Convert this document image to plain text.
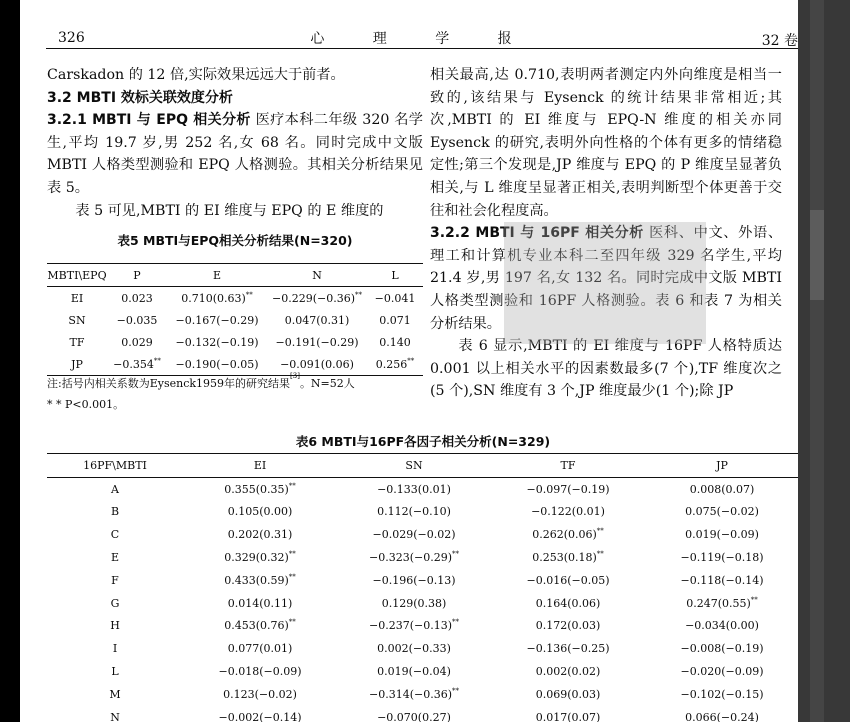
326	心 理 学 报	32 卷

Carskadon 的 12 倍,实际效果远远大于前者。

3.2 MBTI 效标关联效度分析

3.2.1 MBTI 与 EPQ 相关分析 医疗本科二年级 320 名学生,平均 19.7 岁,男 252 名,女 68 名。同时完成中文版 MBTI 人格类型测验和 EPQ 人格测验。其相关分析结果见表 5。

表 5 可见,MBTI 的 EI 维度与 EPQ 的 E 维度的

表5 MBTI与EPQ相关分析结果(N=320)

MBTI\EPQ	P	E	N	L
EI	0.023	0.710(0.63)**	−0.229(−0.36)**	−0.041
SN	−0.035	−0.167(−0.29)	0.047(0.31)	0.071
TF	0.029	−0.132(−0.19)	−0.191(−0.29)	0.140
JP	−0.354**	−0.190(−0.05)	−0.091(0.06)	0.256**
注:括号内相关系数为Eysenck1959年的研究结果[3]。N=52人
* * P<0.001。

相关最高,达 0.710,表明两者测定内外向维度是相当一致的,该结果与 Eysenck 的统计结果非常相近;其次,MBTI 的 EI 维度与 EPQ-N 维度的相关亦同 Eysenck 的研究,表明外向性格的个体有更多的情绪稳定性;第三个发现是,JP 维度与 EPQ 的 P 维度呈显著负相关,与 L 维度呈显著正相关,表明判断型个体更善于交往和社会化程度高。

3.2.2 MBTI 与 16PF 相关分析 医科、中文、外语、理工和计算机专业本科二至四年级 329 名学生,平均 21.4 岁,男 197 名,女 132 名。同时完成中文版 MBTI 人格类型测验和 16PF 人格测验。表 6 和表 7 为相关分析结果。

表 6 显示,MBTI 的 EI 维度与 16PF 人格特质达 0.001 以上相关水平的因素数最多(7 个),TF 维度次之(5 个),SN 维度有 3 个,JP 维度最少(1 个);除 JP

表6 MBTI与16PF各因子相关分析(N=329)
16PF\MBTI	EI	SN	TF	JP
A	0.355(0.35)**	−0.133(0.01)	−0.097(−0.19)	0.008(0.07)
B	0.105(0.00)	0.112(−0.10)	−0.122(0.01)	0.075(−0.02)
C	0.202(0.31)	−0.029(−0.02)	0.262(0.06)**	0.019(−0.09)
E	0.329(0.32)**	−0.323(−0.29)**	0.253(0.18)**	−0.119(−0.18)
F	0.433(0.59)**	−0.196(−0.13)	−0.016(−0.05)	−0.118(−0.14)
G	0.014(0.11)	0.129(0.38)	0.164(0.06)	0.247(0.55)**
H	0.453(0.76)**	−0.237(−0.13)**	0.172(0.03)	−0.034(0.00)
I	0.077(0.01)	0.002(−0.33)	−0.136(−0.25)	−0.008(−0.19)
L	−0.018(−0.09)	0.019(−0.04)	0.002(0.02)	−0.020(−0.09)
M	0.123(−0.02)	−0.314(−0.36)**	0.069(0.03)	−0.102(−0.15)
N	−0.002(−0.14)	−0.070(0.27)	0.017(0.07)	0.066(−0.24)
